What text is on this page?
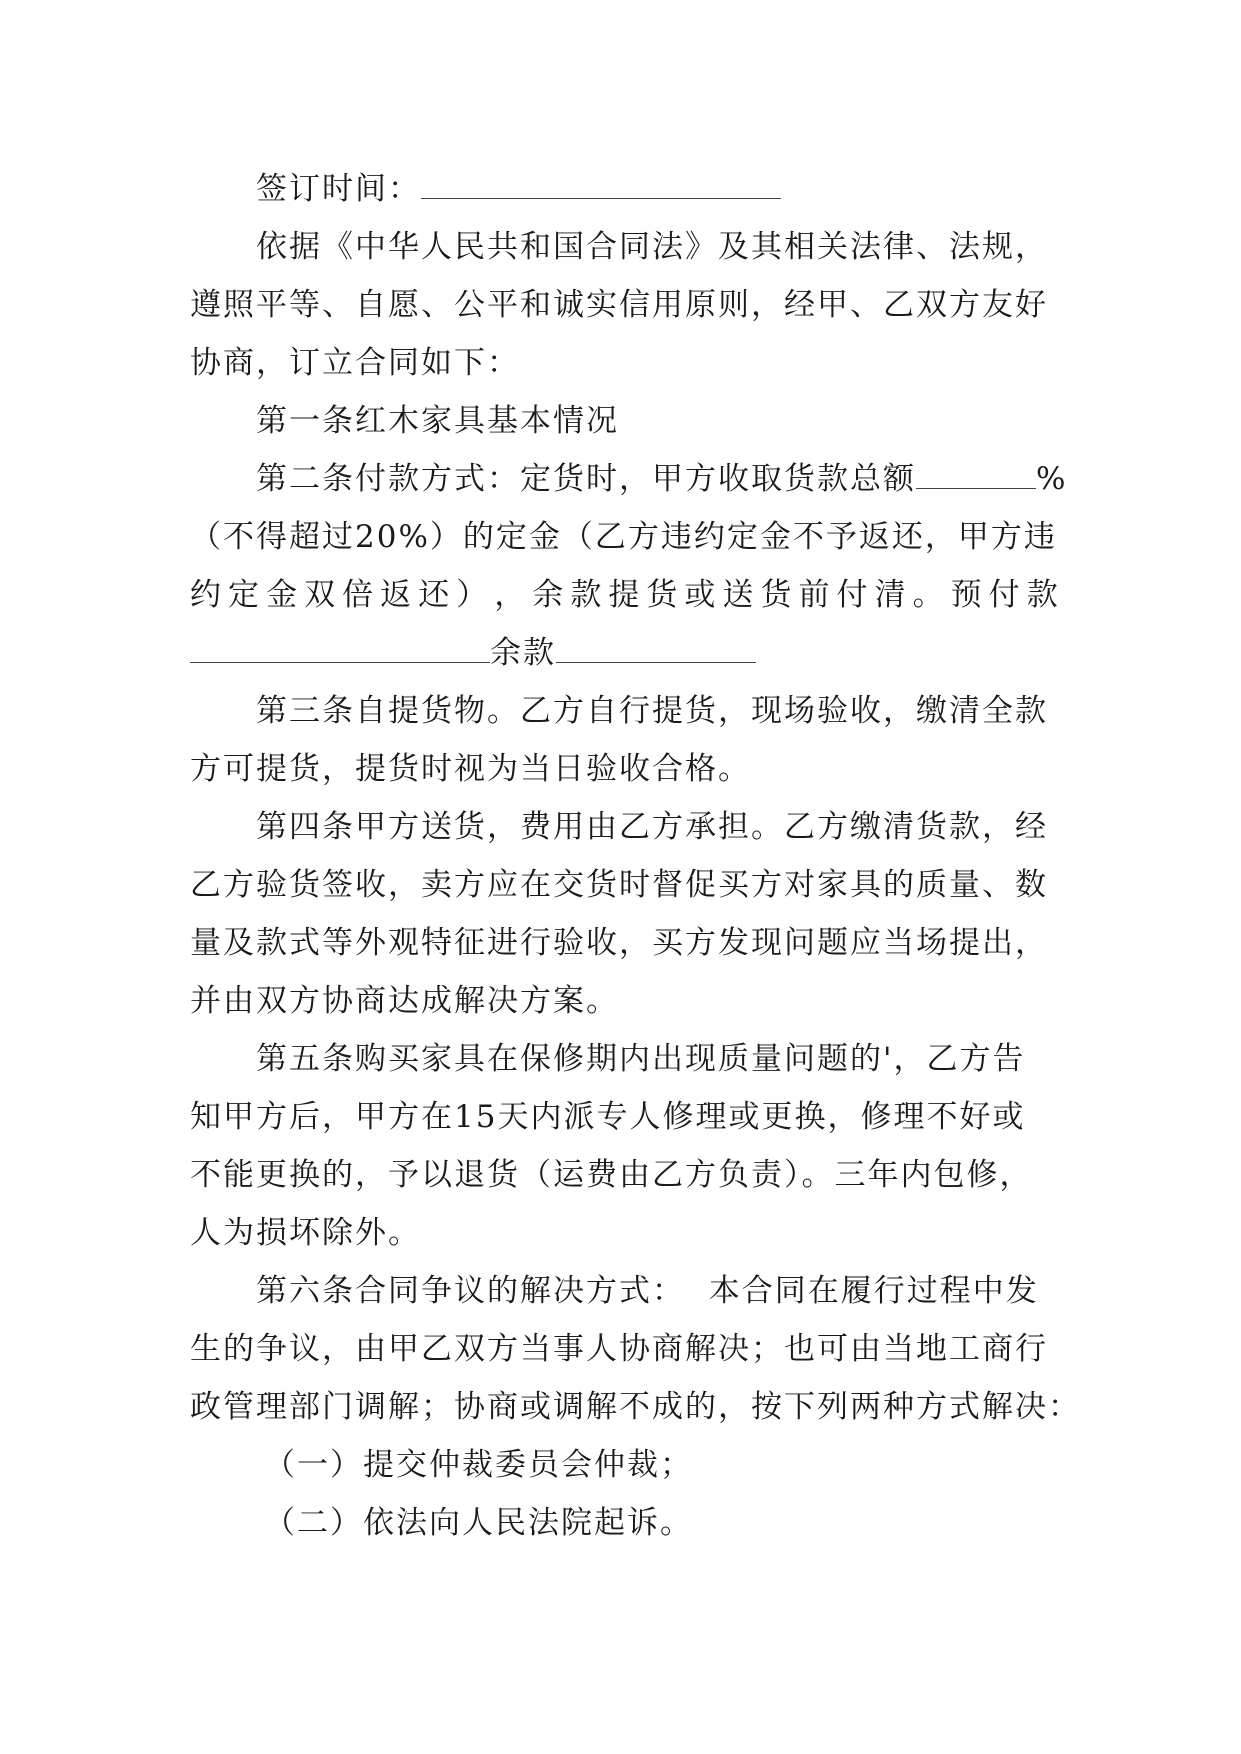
签订时间：
依据《中华人民共和国合同法》及其相关法律、法规，
遵照平等、自愿、公平和诚实信用原则，经甲、乙双方友好
协商，订立合同如下：
第一条红木家具基本情况
第二条付款方式：定货时，甲方收取货款总额	%
（不得超过20%）的定金（乙方违约定金不予返还，甲方违
约 定 金 双 倍 返 还 ） ， 余 款 提 货 或 送 货 前 付 清 。 预 付 款
余款
第三条自提货物。乙方自行提货，现场验收，缴清全款
方可提货，提货时视为当日验收合格。
第四条甲方送货，费用由乙方承担。乙方缴清货款，经
乙方验货签收，卖方应在交货时督促买方对家具的质量、数
量及款式等外观特征进行验收，买方发现问题应当场提出，
并由双方协商达成解决方案。
第五条购买家具在保修期内出现质量问题的'，乙方告
知甲方后，甲方在15天内派专人修理或更换，修理不好或
不能更换的，予以退货（运费由乙方负责）。三年内包修，
人为损坏除外。
第六条合同争议的解决方式：  本合同在履行过程中发
生的争议，由甲乙双方当事人协商解决；也可由当地工商行
政管理部门调解；协商或调解不成的，按下列两种方式解决：
（一）提交仲裁委员会仲裁；
（二）依法向人民法院起诉。
